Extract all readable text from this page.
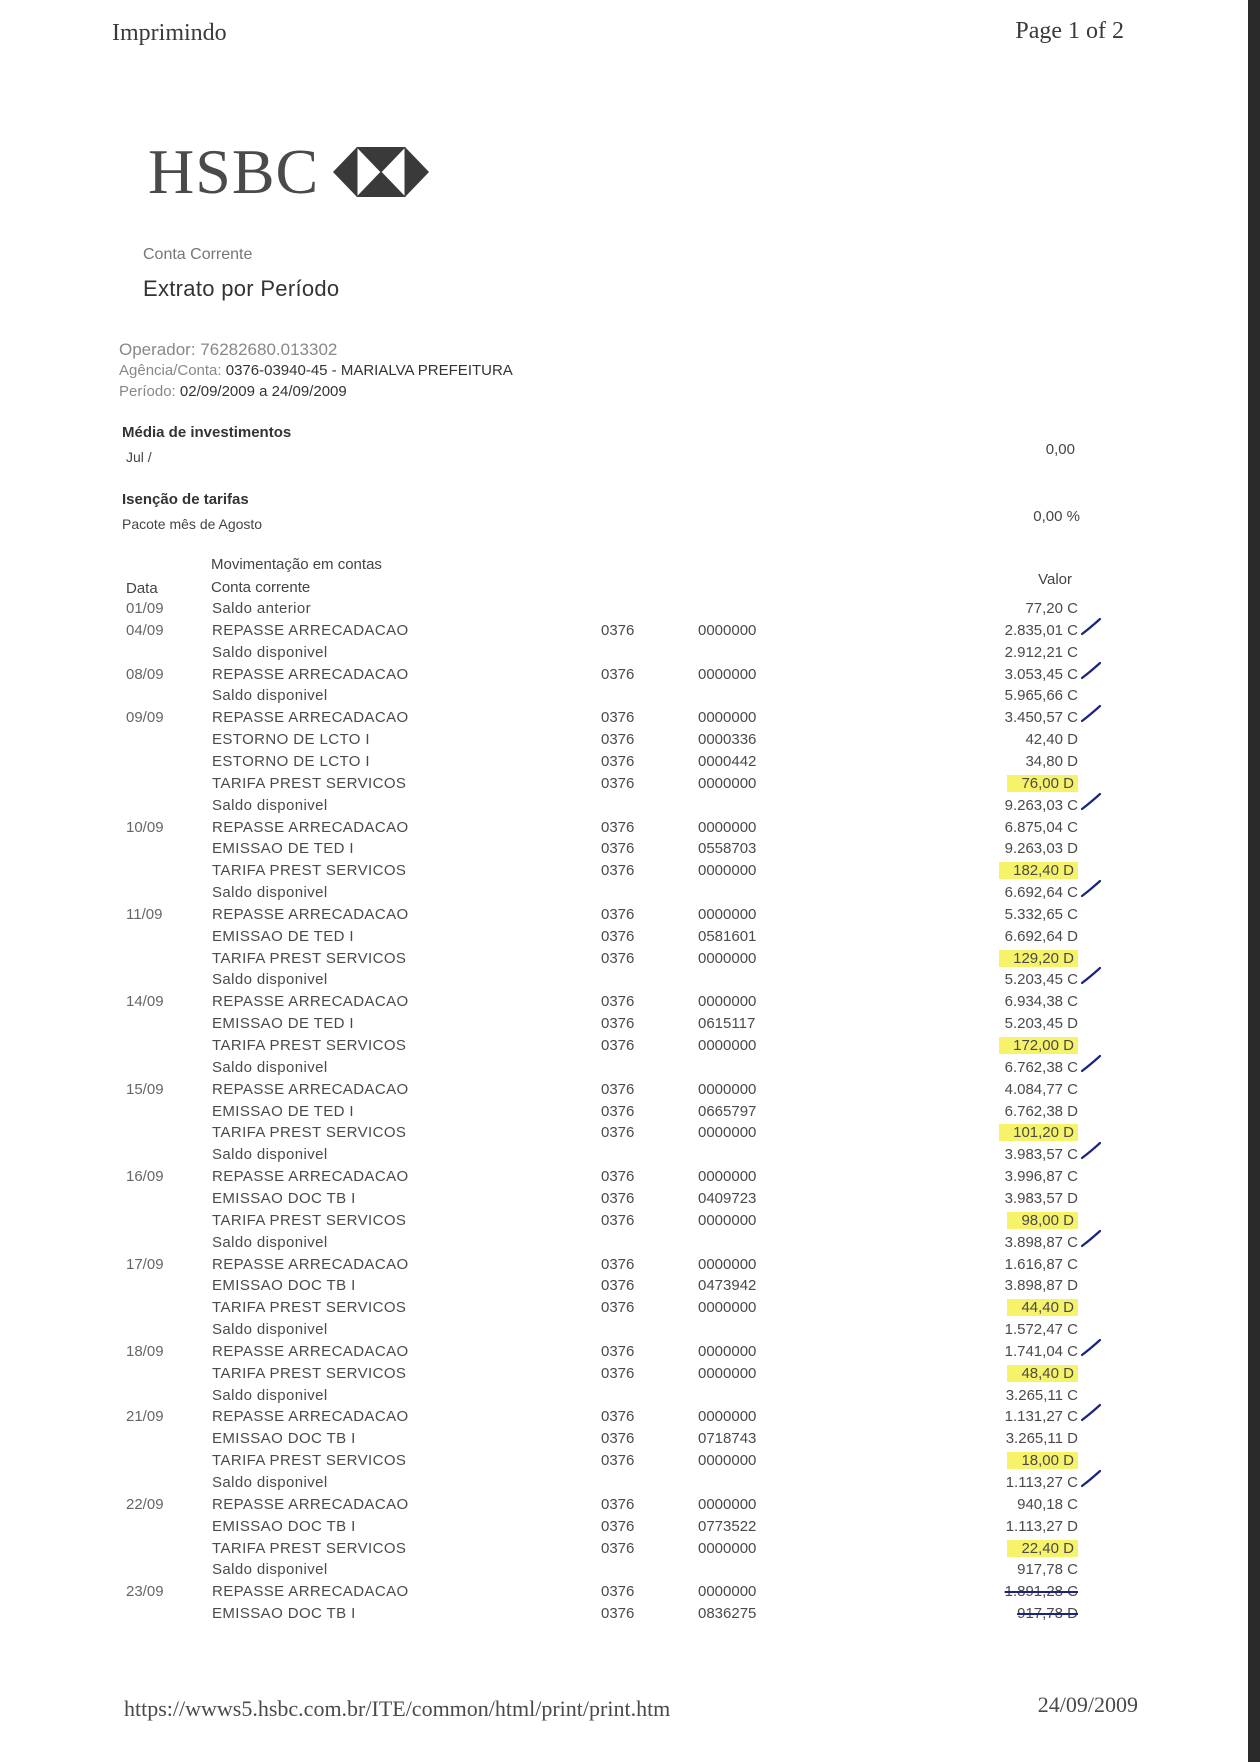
Imprimindo	Page 1 of 2
HSBC
Conta Corrente
Extrato por Período
Operador: 76282680.013302
Agência/Conta: 0376-03940-45 - MARIALVA PREFEITURA
Período: 02/09/2009 a 24/09/2009
Média de investimentos
Jul /	0,00
Isenção de tarifas
Pacote mês de Agosto	0,00 %
Movimentação em contas
Data	Conta corrente	Valor
01/09	Saldo anterior	77,20 C
04/09	REPASSE ARRECADACAO	0376	0000000	2.835,01 C
Saldo disponivel	2.912,21 C
08/09	REPASSE ARRECADACAO	0376	0000000	3.053,45 C
Saldo disponivel	5.965,66 C
09/09	REPASSE ARRECADACAO	0376	0000000	3.450,57 C
ESTORNO DE LCTO I	0376	0000336	42,40 D
ESTORNO DE LCTO I	0376	0000442	34,80 D
TARIFA PREST SERVICOS	0376	0000000	76,00 D
Saldo disponivel	9.263,03 C
10/09	REPASSE ARRECADACAO	0376	0000000	6.875,04 C
EMISSAO DE TED I	0376	0558703	9.263,03 D
TARIFA PREST SERVICOS	0376	0000000	182,40 D
Saldo disponivel	6.692,64 C
11/09	REPASSE ARRECADACAO	0376	0000000	5.332,65 C
EMISSAO DE TED I	0376	0581601	6.692,64 D
TARIFA PREST SERVICOS	0376	0000000	129,20 D
Saldo disponivel	5.203,45 C
14/09	REPASSE ARRECADACAO	0376	0000000	6.934,38 C
EMISSAO DE TED I	0376	0615117	5.203,45 D
TARIFA PREST SERVICOS	0376	0000000	172,00 D
Saldo disponivel	6.762,38 C
15/09	REPASSE ARRECADACAO	0376	0000000	4.084,77 C
EMISSAO DE TED I	0376	0665797	6.762,38 D
TARIFA PREST SERVICOS	0376	0000000	101,20 D
Saldo disponivel	3.983,57 C
16/09	REPASSE ARRECADACAO	0376	0000000	3.996,87 C
EMISSAO DOC TB I	0376	0409723	3.983,57 D
TARIFA PREST SERVICOS	0376	0000000	98,00 D
Saldo disponivel	3.898,87 C
17/09	REPASSE ARRECADACAO	0376	0000000	1.616,87 C
EMISSAO DOC TB I	0376	0473942	3.898,87 D
TARIFA PREST SERVICOS	0376	0000000	44,40 D
Saldo disponivel	1.572,47 C
18/09	REPASSE ARRECADACAO	0376	0000000	1.741,04 C
TARIFA PREST SERVICOS	0376	0000000	48,40 D
Saldo disponivel	3.265,11 C
21/09	REPASSE ARRECADACAO	0376	0000000	1.131,27 C
EMISSAO DOC TB I	0376	0718743	3.265,11 D
TARIFA PREST SERVICOS	0376	0000000	18,00 D
Saldo disponivel	1.113,27 C
22/09	REPASSE ARRECADACAO	0376	0000000	940,18 C
EMISSAO DOC TB I	0376	0773522	1.113,27 D
TARIFA PREST SERVICOS	0376	0000000	22,40 D
Saldo disponivel	917,78 C
23/09	REPASSE ARRECADACAO	0376	0000000	1.891,28 C
EMISSAO DOC TB I	0376	0836275	917,78 D
https://wwws5.hsbc.com.br/ITE/common/html/print/print.htm	24/09/2009
